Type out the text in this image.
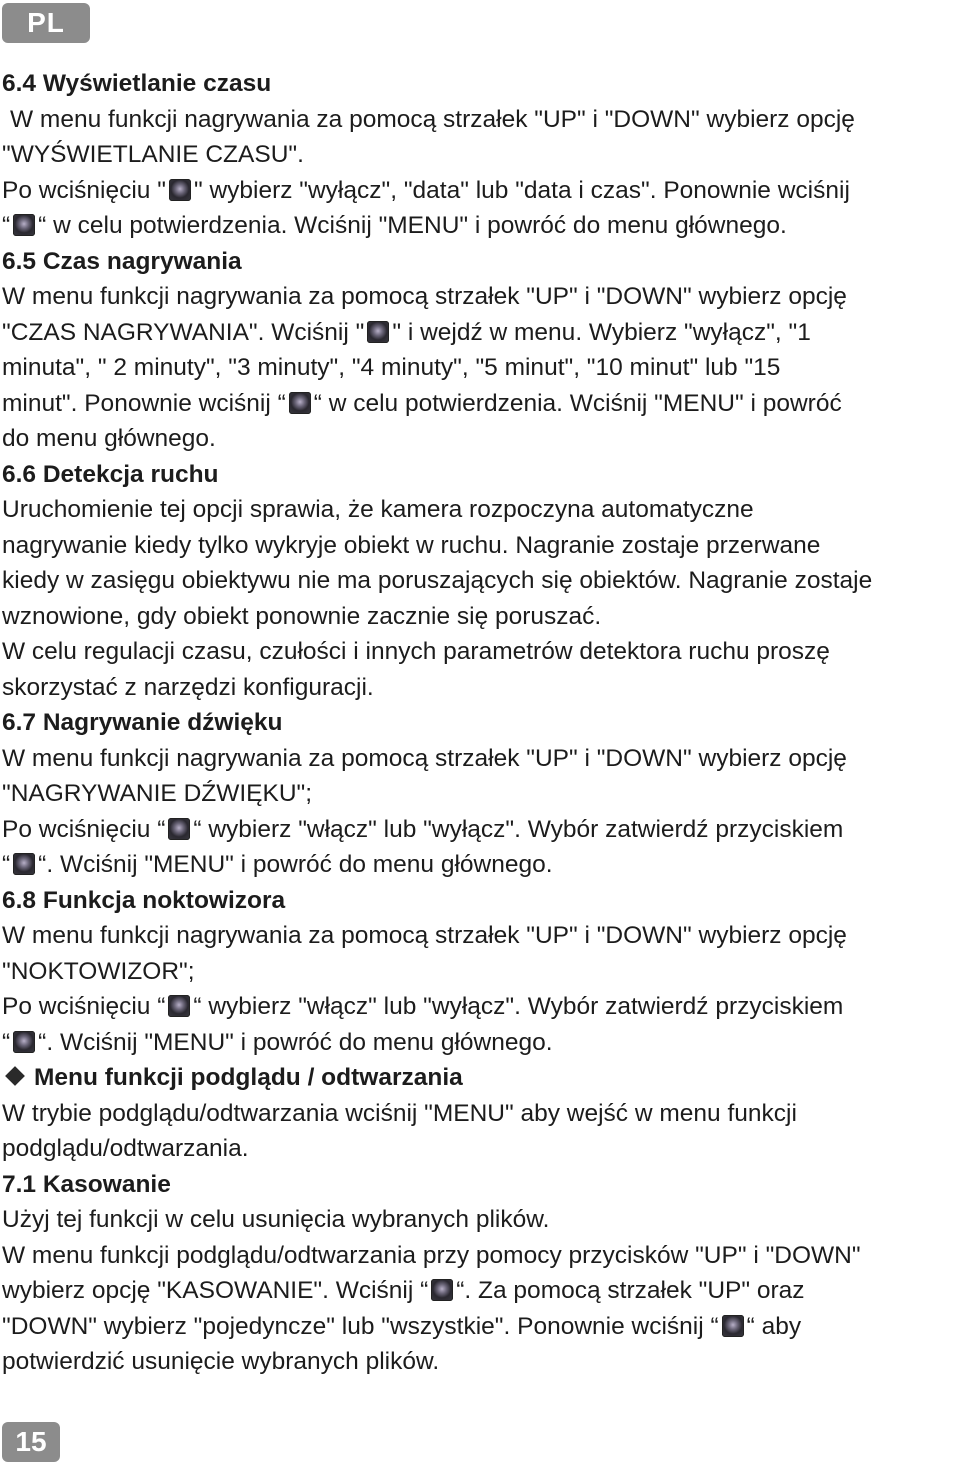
PL
6.4 Wyświetlanie czasu
W menu funkcji nagrywania za pomocą strzałek "UP" i "DOWN" wybierz opcję
"WYŚWIETLANIE CZASU".
Po wciśnięciu " " wybierz "wyłącz", "data" lub "data i czas". Ponownie wciśnij
“ “ w celu potwierdzenia. Wciśnij "MENU" i powróć do menu głównego.
6.5 Czas nagrywania
W menu funkcji nagrywania za pomocą strzałek "UP" i "DOWN" wybierz opcję
"CZAS NAGRYWANIA". Wciśnij " " i wejdź w menu. Wybierz "wyłącz", "1
minuta", " 2 minuty", "3 minuty", "4 minuty", "5 minut", "10 minut" lub "15
minut". Ponownie wciśnij “ “ w celu potwierdzenia. Wciśnij "MENU" i powróć
do menu głównego.
6.6 Detekcja ruchu
Uruchomienie tej opcji sprawia, że kamera rozpoczyna automatyczne
nagrywanie kiedy tylko wykryje obiekt w ruchu. Nagranie zostaje przerwane
kiedy w zasięgu obiektywu nie ma poruszających się obiektów. Nagranie zostaje
wznowione, gdy obiekt ponownie zacznie się poruszać.
W celu regulacji czasu, czułości i innych parametrów detektora ruchu proszę
skorzystać z narzędzi konfiguracji.
6.7 Nagrywanie dźwięku
W menu funkcji nagrywania za pomocą strzałek "UP" i "DOWN" wybierz opcję
"NAGRYWANIE DŹWIĘKU";
Po wciśnięciu “ “ wybierz "włącz" lub "wyłącz". Wybór zatwierdź przyciskiem
“ “. Wciśnij "MENU" i powróć do menu głównego.
6.8 Funkcja noktowizora
W menu funkcji nagrywania za pomocą strzałek "UP" i "DOWN" wybierz opcję
"NOKTOWIZOR";
Po wciśnięciu “ “ wybierz "włącz" lub "wyłącz". Wybór zatwierdź przyciskiem
“ “. Wciśnij "MENU" i powróć do menu głównego.
Menu funkcji podglądu / odtwarzania
W trybie podglądu/odtwarzania wciśnij "MENU" aby wejść w menu funkcji
podglądu/odtwarzania.
7.1 Kasowanie
Użyj tej funkcji w celu usunięcia wybranych plików.
W menu funkcji podglądu/odtwarzania przy pomocy przycisków "UP" i "DOWN"
wybierz opcję "KASOWANIE". Wciśnij “ “. Za pomocą strzałek "UP" oraz
"DOWN" wybierz "pojedyncze" lub "wszystkie". Ponownie wciśnij “ “ aby
potwierdzić usunięcie wybranych plików.
15
